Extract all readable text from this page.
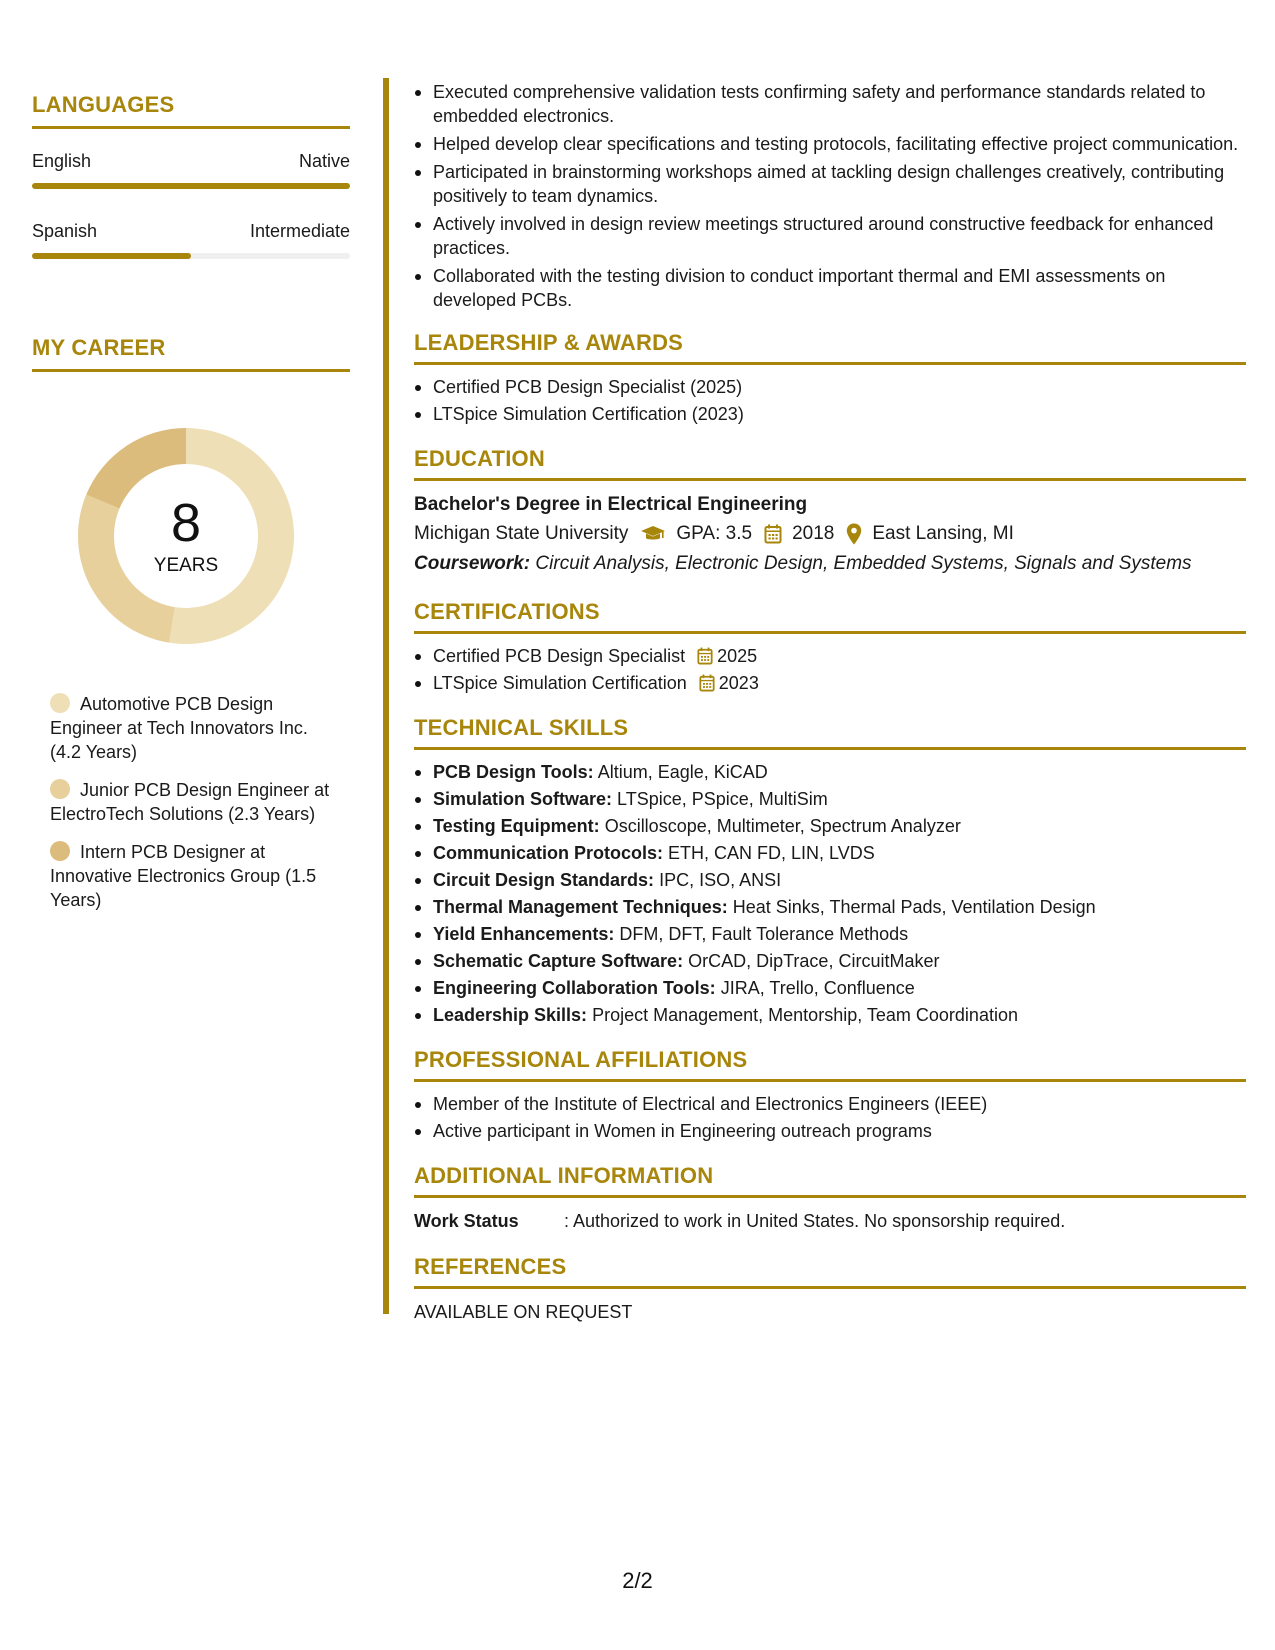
LANGUAGES
English	Native
Spanish	Intermediate
MY CAREER
8
YEARS
Automotive PCB Design Engineer at Tech Innovators Inc. (4.2 Years)
Junior PCB Design Engineer at ElectroTech Solutions (2.3 Years)
Intern PCB Designer at Innovative Electronics Group (1.5 Years)
Executed comprehensive validation tests confirming safety and performance standards related to embedded electronics.
Helped develop clear specifications and testing protocols, facilitating effective project communication.
Participated in brainstorming workshops aimed at tackling design challenges creatively, contributing positively to team dynamics.
Actively involved in design review meetings structured around constructive feedback for enhanced practices.
Collaborated with the testing division to conduct important thermal and EMI assessments on developed PCBs.
LEADERSHIP & AWARDS
Certified PCB Design Specialist (2025)
LTSpice Simulation Certification (2023)
EDUCATION
Bachelor's Degree in Electrical Engineering
Michigan State University	GPA: 3.5 2018 East Lansing, MI
Coursework: Circuit Analysis, Electronic Design, Embedded Systems, Signals and Systems
CERTIFICATIONS
Certified PCB Design Specialist 2025
LTSpice Simulation Certification 2023
TECHNICAL SKILLS
PCB Design Tools: Altium, Eagle, KiCAD
Simulation Software: LTSpice, PSpice, MultiSim
Testing Equipment: Oscilloscope, Multimeter, Spectrum Analyzer
Communication Protocols: ETH, CAN FD, LIN, LVDS
Circuit Design Standards: IPC, ISO, ANSI
Thermal Management Techniques: Heat Sinks, Thermal Pads, Ventilation Design
Yield Enhancements: DFM, DFT, Fault Tolerance Methods
Schematic Capture Software: OrCAD, DipTrace, CircuitMaker
Engineering Collaboration Tools: JIRA, Trello, Confluence
Leadership Skills: Project Management, Mentorship, Team Coordination
PROFESSIONAL AFFILIATIONS
Member of the Institute of Electrical and Electronics Engineers (IEEE)
Active participant in Women in Engineering outreach programs
ADDITIONAL INFORMATION
Work Status	: Authorized to work in United States. No sponsorship required.
REFERENCES
AVAILABLE ON REQUEST
2/2
